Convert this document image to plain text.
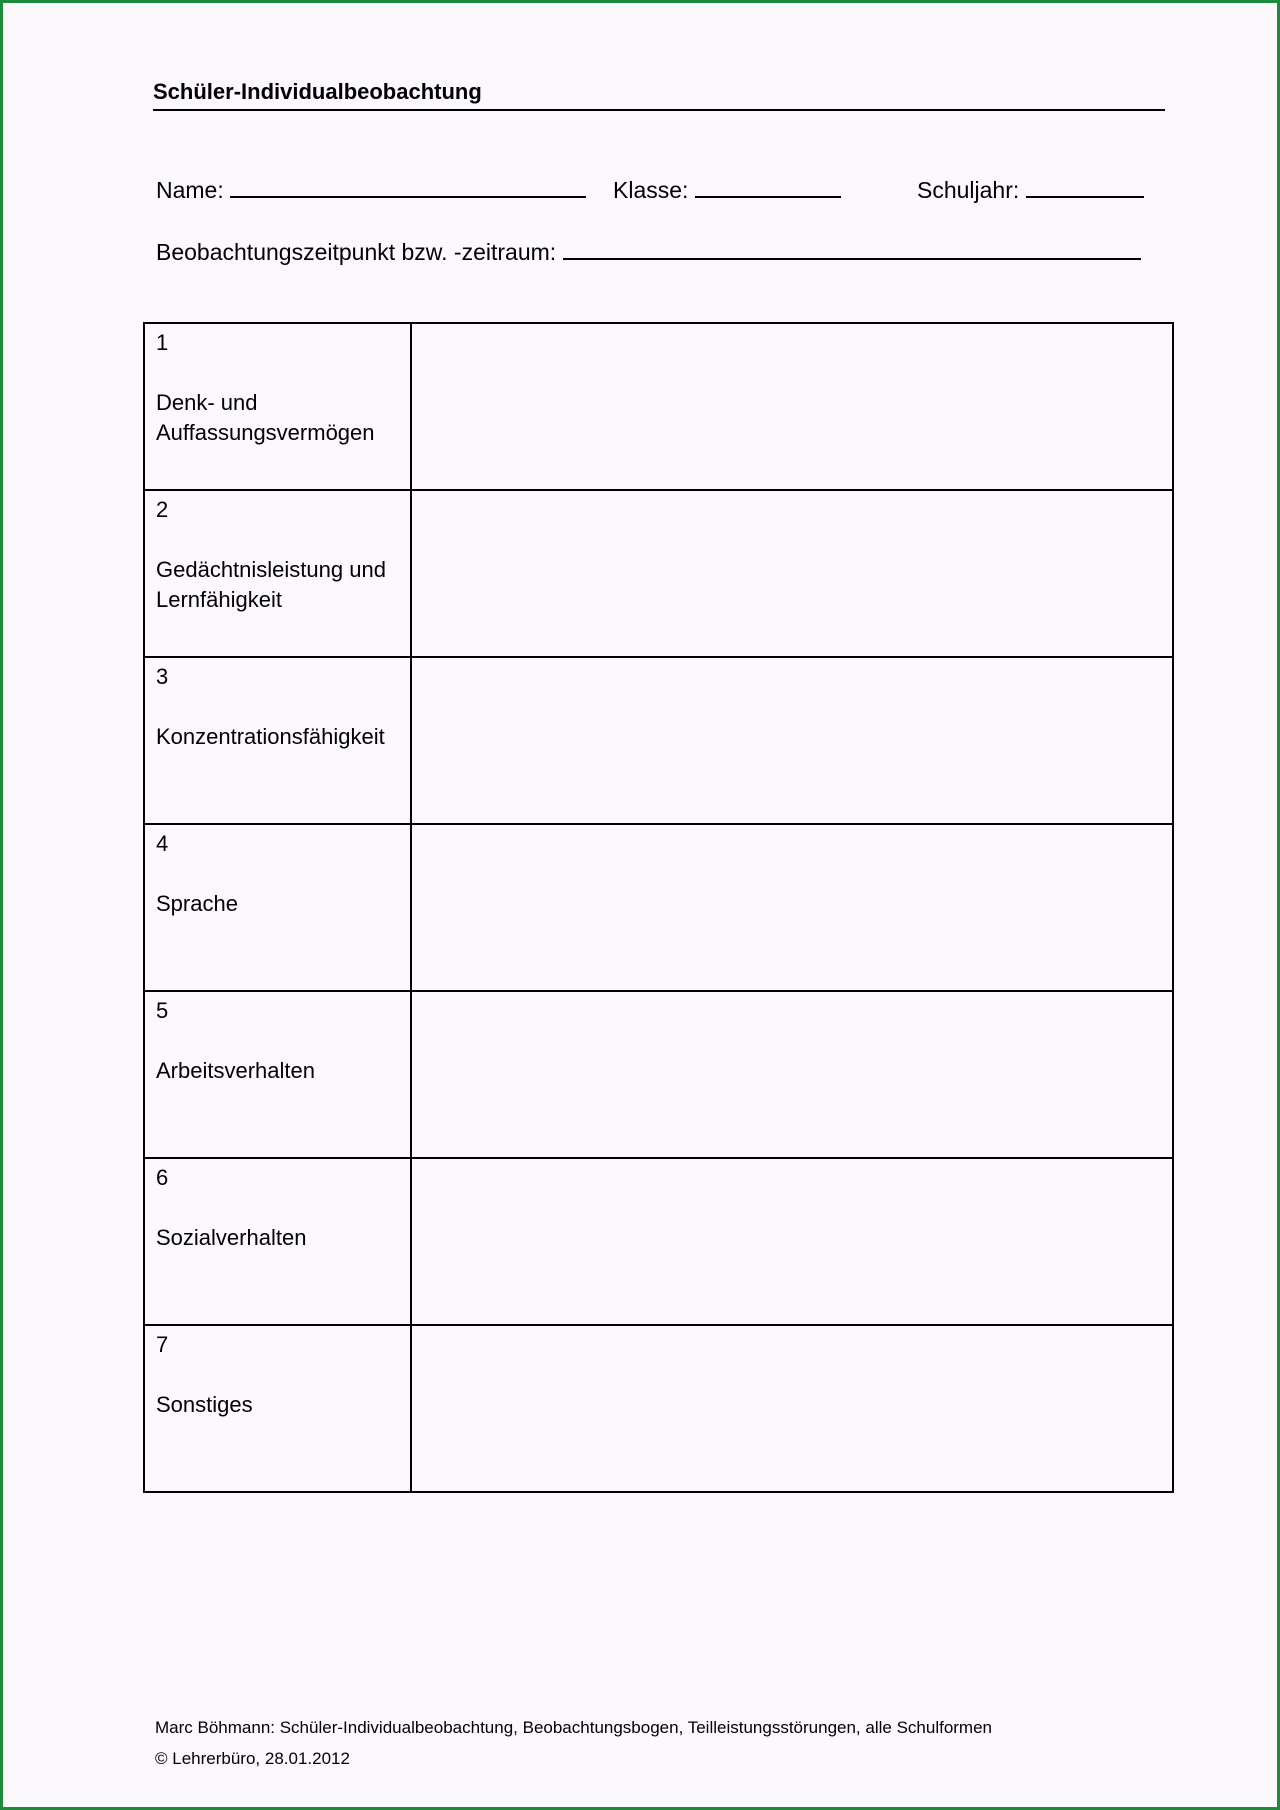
Schüler-Individualbeobachtung
Name:	Klasse:	Schuljahr:
Beobachtungszeitpunkt bzw. -zeitraum:
1
Denk- und Auffassungsvermögen	

2
Gedächtnisleistung und Lernfähigkeit	

3
Konzentrationsfähigkeit	

4
Sprache	

5
Arbeitsverhalten	

6
Sozialverhalten	

7
Sonstiges	

Marc Böhmann: Schüler-Individualbeobachtung, Beobachtungsbogen, Teilleistungsstörungen, alle Schulformen
© Lehrerbüro, 28.01.2012
